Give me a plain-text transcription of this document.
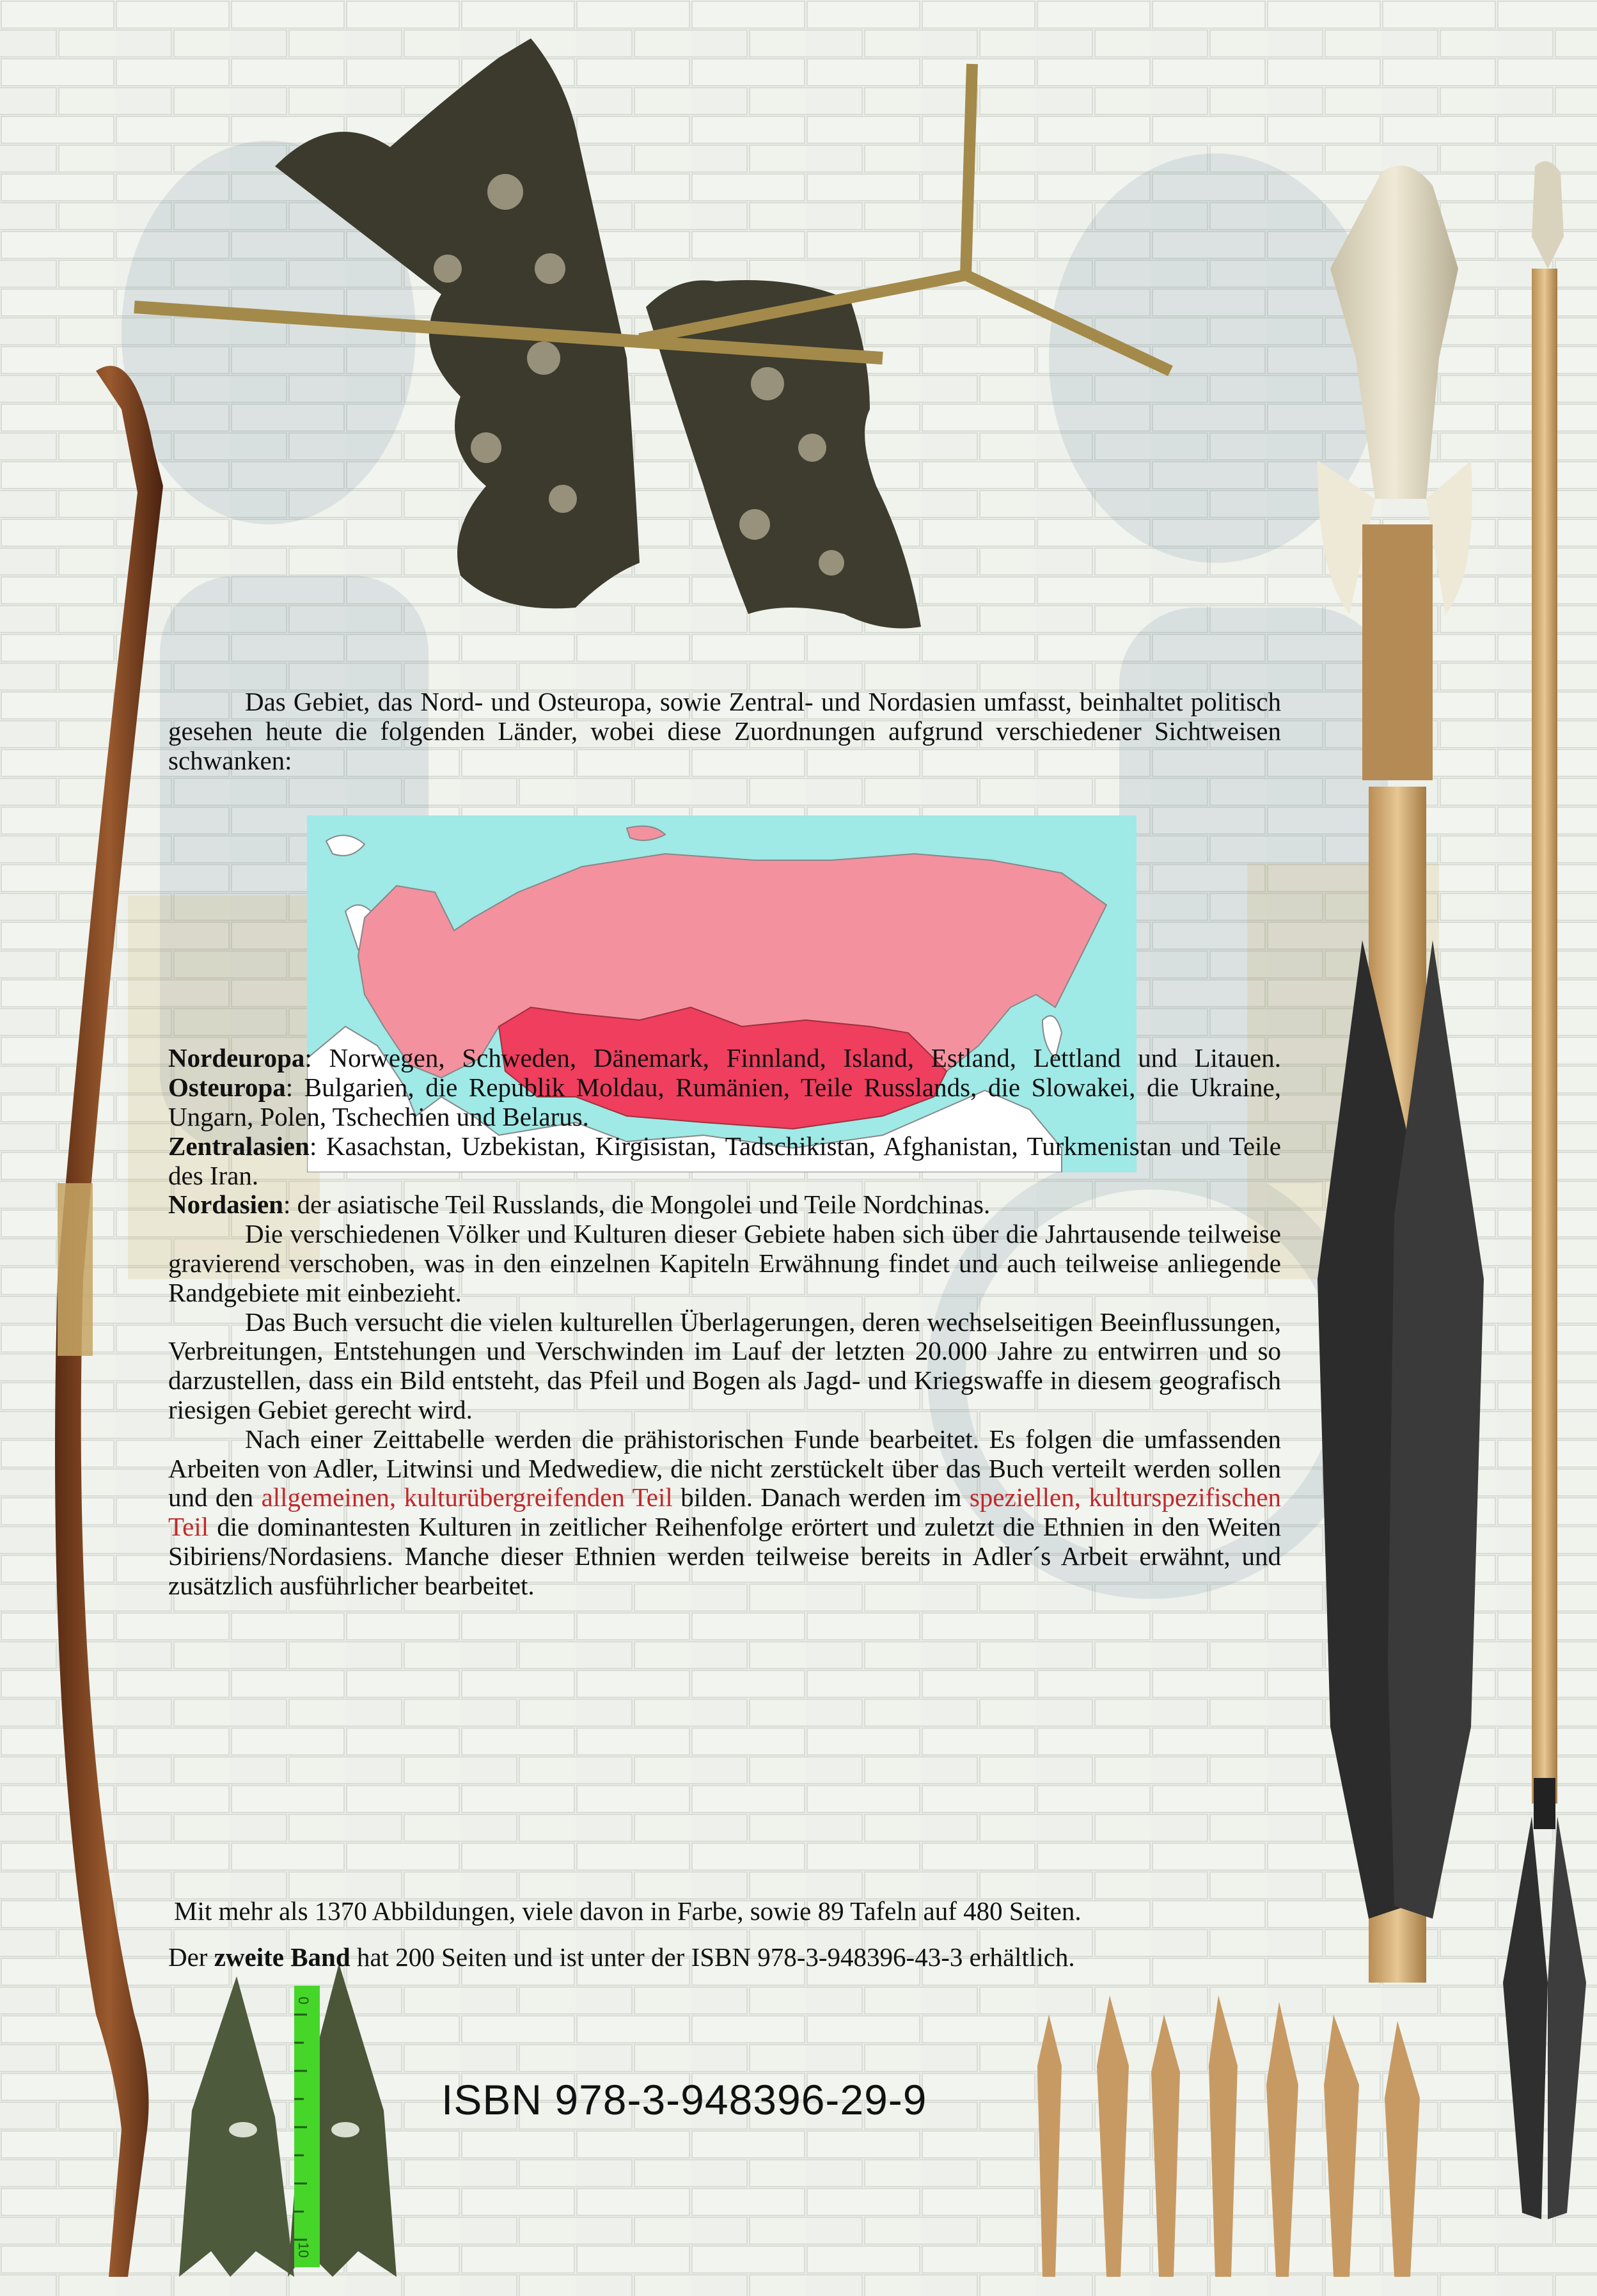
Das Gebiet, das Nord- und Osteuropa, sowie Zentral- und Nordasien umfasst, beinhaltet politisch gesehen heute die folgenden Länder, wobei diese Zuordnungen aufgrund verschiedener Sichtweisen schwanken:

Nordeuropa: Norwegen, Schweden, Dänemark, Finnland, Island, Estland, Lettland und Litauen. Osteuropa: Bulgarien, die Republik Moldau, Rumänien, Teile Russlands, die Slowakei, die Ukraine, Ungarn, Polen, Tschechien und Belarus.

Zentralasien: Kasachstan, Uzbekistan, Kirgisistan, Tadschikistan, Afghanistan, Turkmenistan und Teile des Iran.

Nordasien: der asiatische Teil Russlands, die Mongolei und Teile Nordchinas.

Die verschiedenen Völker und Kulturen dieser Gebiete haben sich über die Jahrtausende teilweise gravierend verschoben, was in den einzelnen Kapiteln Erwähnung findet und auch teilweise anliegende Randgebiete mit einbezieht.

Das Buch versucht die vielen kulturellen Überlagerungen, deren wechselseitigen Beeinflussungen, Verbreitungen, Entstehungen und Verschwinden im Lauf der letzten 20.000 Jahre zu entwirren und so darzustellen, dass ein Bild entsteht, das Pfeil und Bogen als Jagd- und Kriegswaffe in diesem geografisch riesigen Gebiet gerecht wird.

Nach einer Zeittabelle werden die prähistorischen Funde bearbeitet. Es folgen die umfassenden Arbeiten von Adler, Litwinsi und Medwediew, die nicht zerstückelt über das Buch verteilt werden sollen und den allgemeinen, kulturübergreifenden Teil bilden. Danach werden im speziellen, kulturspezifischen Teil die dominantesten Kulturen in zeitlicher Reihenfolge erörtert und zuletzt die Ethnien in den Weiten Sibiriens/Nordasiens. Manche dieser Ethnien werden teilweise bereits in Adler´s Arbeit erwähnt, und zusätzlich ausführlicher bearbeitet.

Mit mehr als 1370 Abbildungen, viele davon in Farbe, sowie 89 Tafeln auf 480 Seiten.
Der zweite Band hat 200 Seiten und ist unter der ISBN 978-3-948396-43-3 erhältlich.
0
10
ISBN 978-3-948396-29-9
